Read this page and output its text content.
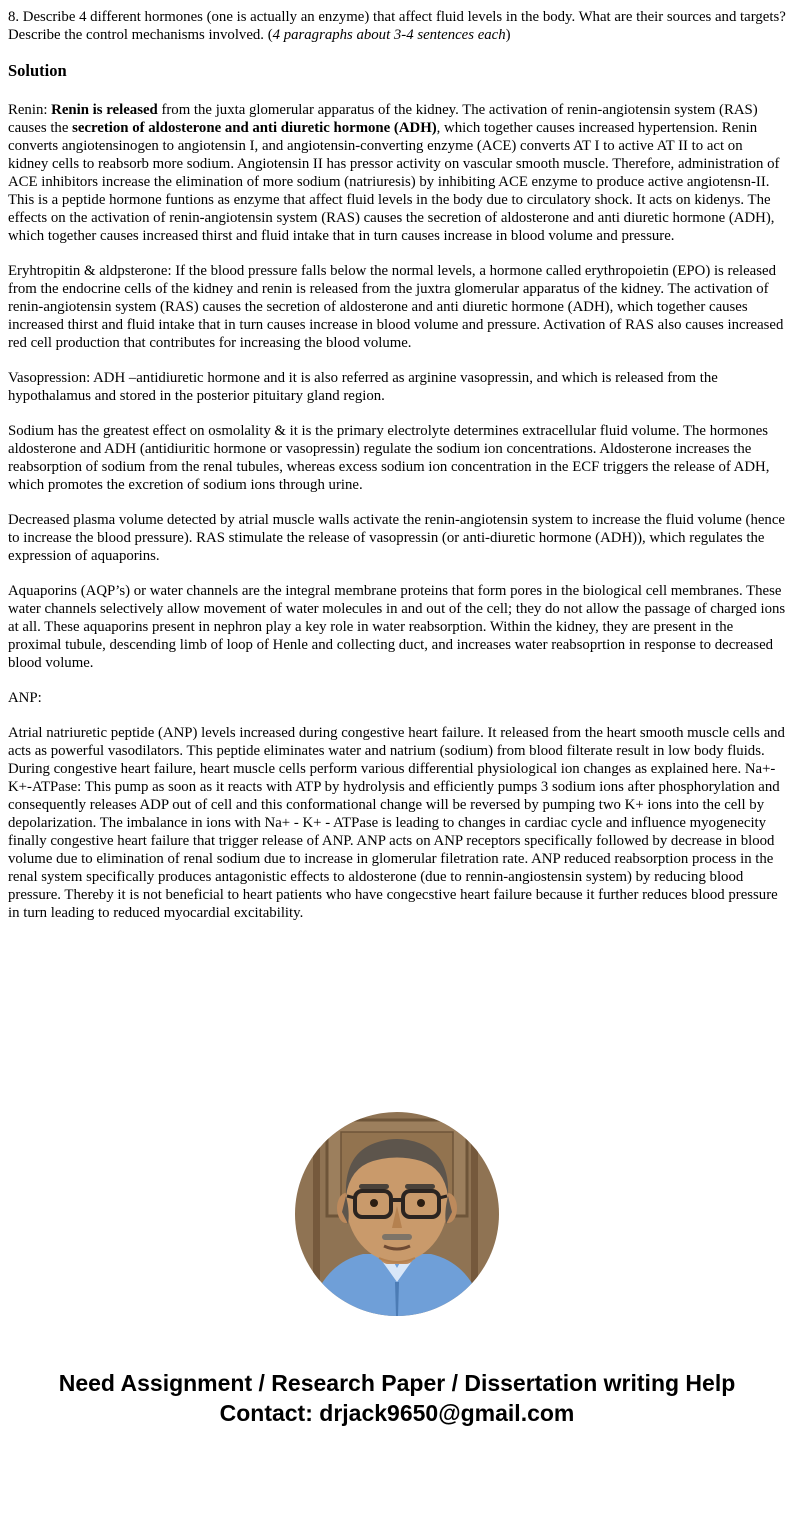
8. Describe 4 different hormones (one is actually an enzyme) that affect fluid levels in the body. What are their sources and targets? Describe the control mechanisms involved. (4 paragraphs about 3-4 sentences each)

Solution

Renin: Renin is released from the juxta glomerular apparatus of the kidney. The activation of renin-angiotensin system (RAS) causes the secretion of aldosterone and anti diuretic hormone (ADH), which together causes increased hypertension. Renin converts angiotensinogen to angiotensin I, and angiotensin-converting enzyme (ACE) converts AT I to active AT II to act on kidney cells to reabsorb more sodium. Angiotensin II has pressor activity on vascular smooth muscle. Therefore, administration of ACE inhibitors increase the elimination of more sodium (natriuresis) by inhibiting ACE enzyme to produce active angiotensn-II. This is a peptide hormone funtions as enzyme that affect fluid levels in the body due to circulatory shock. It acts on kidenys. The effects on the activation of renin-angiotensin system (RAS) causes the secretion of aldosterone and anti diuretic hormone (ADH), which together causes increased thirst and fluid intake that in turn causes increase in blood volume and pressure.

Eryhtropitin & aldpsterone: If the blood pressure falls below the normal levels, a hormone called erythropoietin (EPO) is released from the endocrine cells of the kidney and renin is released from the juxtra glomerular apparatus of the kidney. The activation of renin-angiotensin system (RAS) causes the secretion of aldosterone and anti diuretic hormone (ADH), which together causes increased thirst and fluid intake that in turn causes increase in blood volume and pressure. Activation of RAS also causes increased red cell production that contributes for increasing the blood volume.

Vasopression: ADH –antidiuretic hormone and it is also referred as arginine vasopressin, and which is released from the hypothalamus and stored in the posterior pituitary gland region.

Sodium has the greatest effect on osmolality & it is the primary electrolyte determines extracellular fluid volume. The hormones aldosterone and ADH (antidiuritic hormone or vasopressin) regulate the sodium ion concentrations. Aldosterone increases the reabsorption of sodium from the renal tubules, whereas excess sodium ion concentration in the ECF triggers the release of ADH, which promotes the excretion of sodium ions through urine.

Decreased plasma volume detected by atrial muscle walls activate the renin-angiotensin system to increase the fluid volume (hence to increase the blood pressure). RAS stimulate the release of vasopressin (or anti-diuretic hormone (ADH)), which regulates the expression of aquaporins.

Aquaporins (AQP’s) or water channels are the integral membrane proteins that form pores in the biological cell membranes. These water channels selectively allow movement of water molecules in and out of the cell; they do not allow the passage of charged ions at all. These aquaporins present in nephron play a key role in water reabsorption. Within the kidney, they are present in the proximal tubule, descending limb of loop of Henle and collecting duct, and increases water reabsoprtion in response to decreased blood volume.

ANP:

Atrial natriuretic peptide (ANP) levels increased during congestive heart failure. It released from the heart smooth muscle cells and acts as powerful vasodilators. This peptide eliminates water and natrium (sodium) from blood filterate result in low body fluids. During congestive heart failure, heart muscle cells perform various differential physiological ion changes as explained here. Na+-K+-ATPase: This pump as soon as it reacts with ATP by hydrolysis and efficiently pumps 3 sodium ions after phosphorylation and consequently releases ADP out of cell and this conformational change will be reversed by pumping two K+ ions into the cell by depolarization. The imbalance in ions with Na+ - K+ - ATPase is leading to changes in cardiac cycle and influence myogenecity finally congestive heart failure that trigger release of ANP. ANP acts on ANP receptors specifically followed by decrease in blood volume due to elimination of renal sodium due to increase in glomerular filetration rate. ANP reduced reabsorption process in the renal system specifically produces antagonistic effects to aldosterone (due to rennin-angiostensin system) by reducing blood pressure. Thereby it is not beneficial to heart patients who have congecstive heart failure because it further reduces blood pressure in turn leading to reduced myocardial excitability.

Need Assignment / Research Paper / Dissertation writing Help
Contact: drjack9650@gmail.com
